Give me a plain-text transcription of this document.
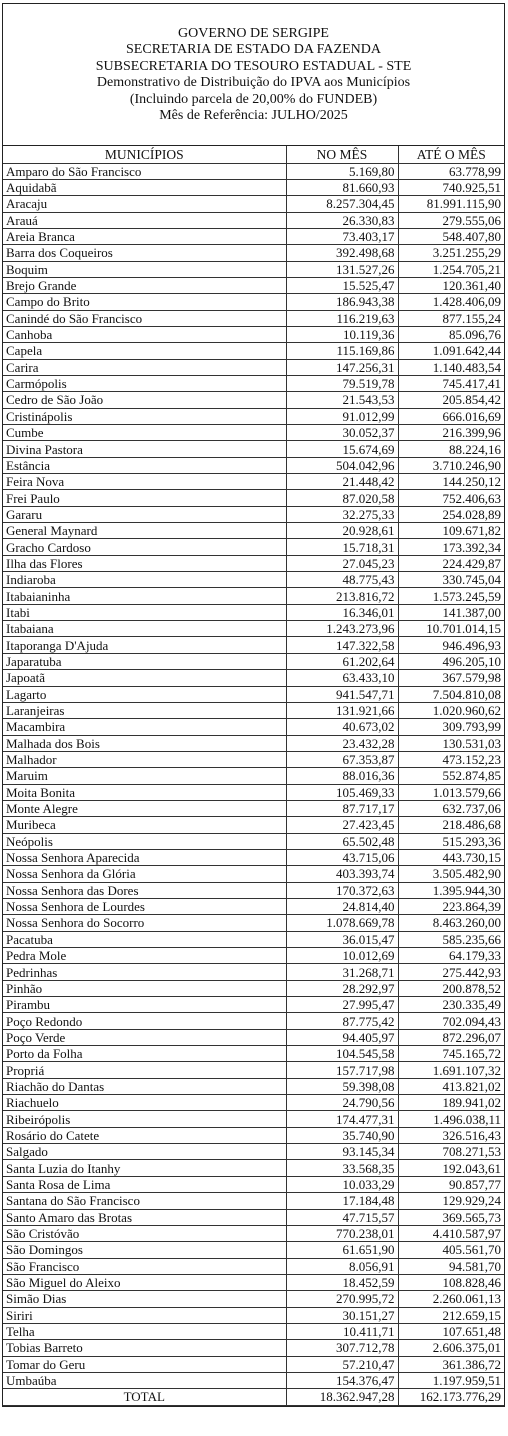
GOVERNO DE SERGIPE
SECRETARIA DE ESTADO DA FAZENDA
SUBSECRETARIA DO TESOURO ESTADUAL - STE
Demonstrativo de Distribuição do IPVA aos Municípios
(Incluindo parcela de 20,00% do FUNDEB)
Mês de Referência: JULHO/2025
MUNICÍPIOS	NO MÊS	ATÉ O MÊS
Amparo do São Francisco	5.169,80	63.778,99
Aquidabã	81.660,93	740.925,51
Aracaju	8.257.304,45	81.991.115,90
Arauá	26.330,83	279.555,06
Areia Branca	73.403,17	548.407,80
Barra dos Coqueiros	392.498,68	3.251.255,29
Boquim	131.527,26	1.254.705,21
Brejo Grande	15.525,47	120.361,40
Campo do Brito	186.943,38	1.428.406,09
Canindé do São Francisco	116.219,63	877.155,24
Canhoba	10.119,36	85.096,76
Capela	115.169,86	1.091.642,44
Carira	147.256,31	1.140.483,54
Carmópolis	79.519,78	745.417,41
Cedro de São João	21.543,53	205.854,42
Cristinápolis	91.012,99	666.016,69
Cumbe	30.052,37	216.399,96
Divina Pastora	15.674,69	88.224,16
Estância	504.042,96	3.710.246,90
Feira Nova	21.448,42	144.250,12
Frei Paulo	87.020,58	752.406,63
Gararu	32.275,33	254.028,89
General Maynard	20.928,61	109.671,82
Gracho Cardoso	15.718,31	173.392,34
Ilha das Flores	27.045,23	224.429,87
Indiaroba	48.775,43	330.745,04
Itabaianinha	213.816,72	1.573.245,59
Itabi	16.346,01	141.387,00
Itabaiana	1.243.273,96	10.701.014,15
Itaporanga D'Ajuda	147.322,58	946.496,93
Japaratuba	61.202,64	496.205,10
Japoatã	63.433,10	367.579,98
Lagarto	941.547,71	7.504.810,08
Laranjeiras	131.921,66	1.020.960,62
Macambira	40.673,02	309.793,99
Malhada dos Bois	23.432,28	130.531,03
Malhador	67.353,87	473.152,23
Maruim	88.016,36	552.874,85
Moita Bonita	105.469,33	1.013.579,66
Monte Alegre	87.717,17	632.737,06
Muribeca	27.423,45	218.486,68
Neópolis	65.502,48	515.293,36
Nossa Senhora Aparecida	43.715,06	443.730,15
Nossa Senhora da Glória	403.393,74	3.505.482,90
Nossa Senhora das Dores	170.372,63	1.395.944,30
Nossa Senhora de Lourdes	24.814,40	223.864,39
Nossa Senhora do Socorro	1.078.669,78	8.463.260,00
Pacatuba	36.015,47	585.235,66
Pedra Mole	10.012,69	64.179,33
Pedrinhas	31.268,71	275.442,93
Pinhão	28.292,97	200.878,52
Pirambu	27.995,47	230.335,49
Poço Redondo	87.775,42	702.094,43
Poço Verde	94.405,97	872.296,07
Porto da Folha	104.545,58	745.165,72
Propriá	157.717,98	1.691.107,32
Riachão do Dantas	59.398,08	413.821,02
Riachuelo	24.790,56	189.941,02
Ribeirópolis	174.477,31	1.496.038,11
Rosário do Catete	35.740,90	326.516,43
Salgado	93.145,34	708.271,53
Santa Luzia do Itanhy	33.568,35	192.043,61
Santa Rosa de Lima	10.033,29	90.857,77
Santana do São Francisco	17.184,48	129.929,24
Santo Amaro das Brotas	47.715,57	369.565,73
São Cristóvão	770.238,01	4.410.587,97
São Domingos	61.651,90	405.561,70
São Francisco	8.056,91	94.581,70
São Miguel do Aleixo	18.452,59	108.828,46
Simão Dias	270.995,72	2.260.061,13
Siriri	30.151,27	212.659,15
Telha	10.411,71	107.651,48
Tobias Barreto	307.712,78	2.606.375,01
Tomar do Geru	57.210,47	361.386,72
Umbaúba	154.376,47	1.197.959,51
TOTAL	18.362.947,28	162.173.776,29
